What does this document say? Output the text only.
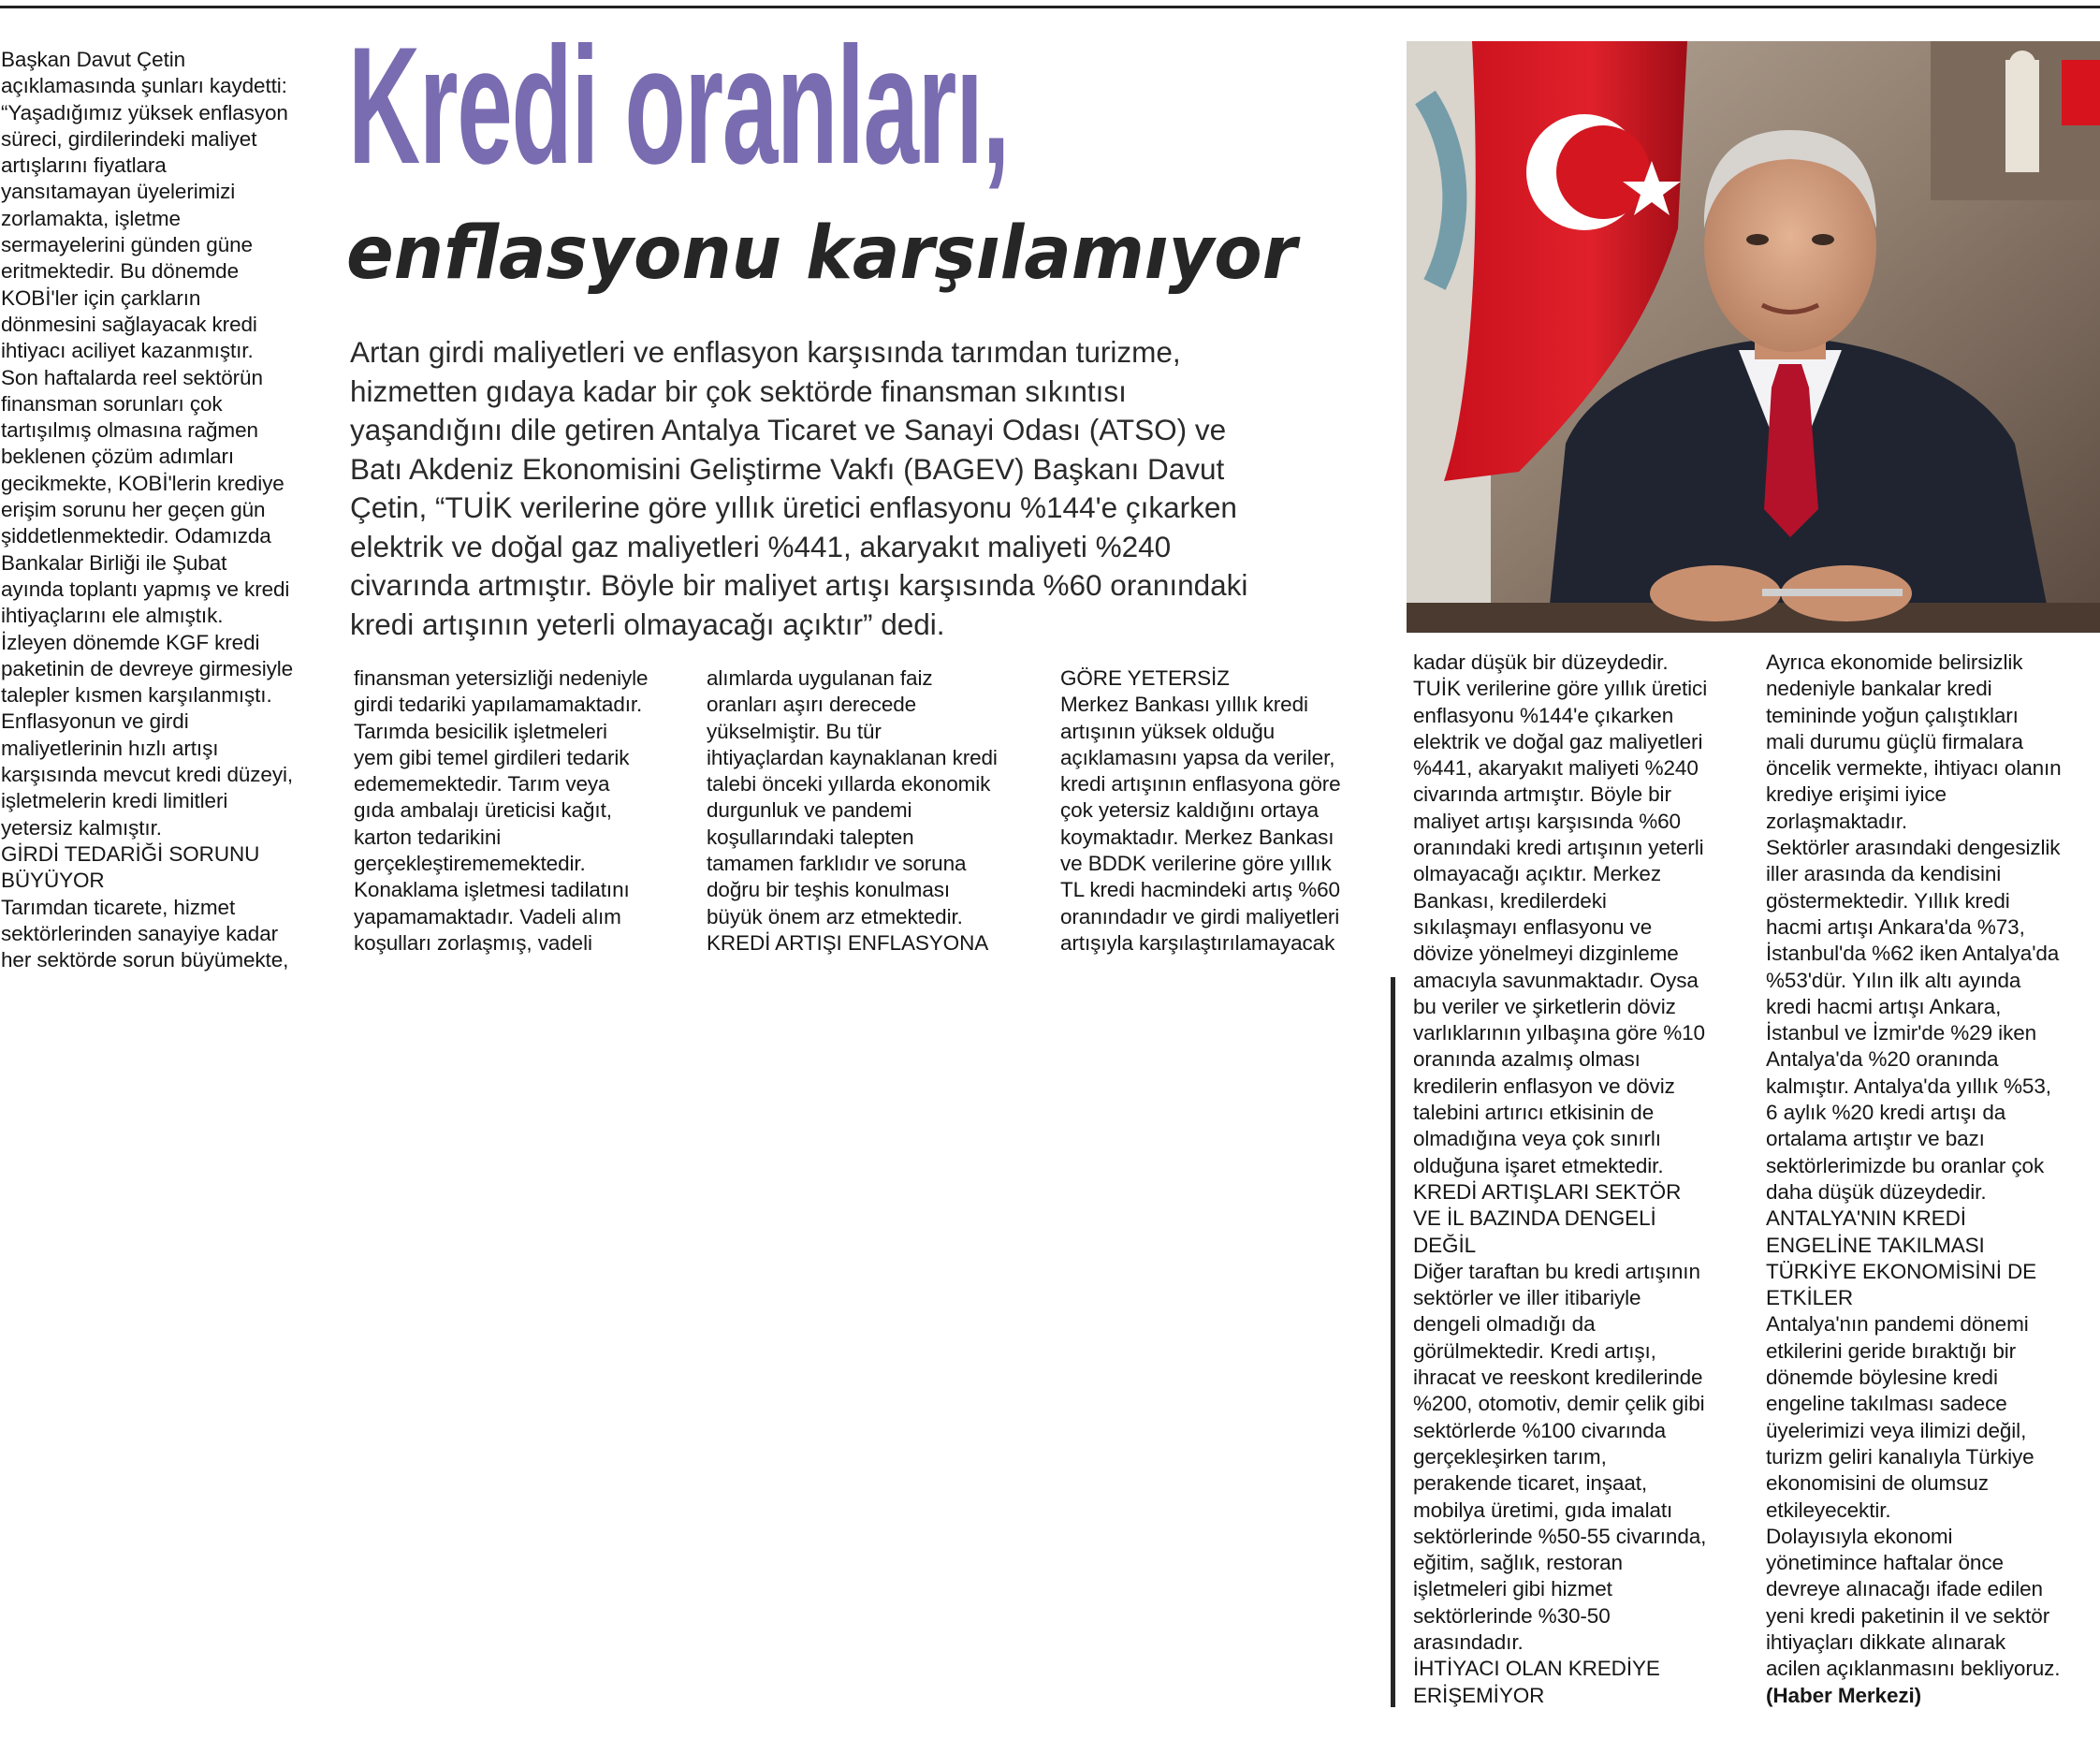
Başkan Davut Çetin
açıklamasında şunları kaydetti:
“Yaşadığımız yüksek enflasyon
süreci, girdilerindeki maliyet
artışlarını fiyatlara
yansıtamayan üyelerimizi
zorlamakta, işletme
sermayelerini günden güne
eritmektedir. Bu dönemde
KOBİ'ler için çarkların
dönmesini sağlayacak kredi
ihtiyacı aciliyet kazanmıştır.
Son haftalarda reel sektörün
finansman sorunları çok
tartışılmış olmasına rağmen
beklenen çözüm adımları
gecikmekte, KOBİ'lerin krediye
erişim sorunu her geçen gün
şiddetlenmektedir. Odamızda
Bankalar Birliği ile Şubat
ayında toplantı yapmış ve kredi
ihtiyaçlarını ele almıştık.
İzleyen dönemde KGF kredi
paketinin de devreye girmesiyle
talepler kısmen karşılanmıştı.
Enflasyonun ve girdi
maliyetlerinin hızlı artışı
karşısında mevcut kredi düzeyi,
işletmelerin kredi limitleri
yetersiz kalmıştır.
GİRDİ TEDARİĞİ SORUNU
BÜYÜYOR
Tarımdan ticarete, hizmet
sektörlerinden sanayiye kadar
her sektörde sorun büyümekte,
Kredi oranları,
enflasyonu karşılamıyor
Artan girdi maliyetleri ve enflasyon karşısında tarımdan turizme,
hizmetten gıdaya kadar bir çok sektörde finansman sıkıntısı
yaşandığını dile getiren Antalya Ticaret ve Sanayi Odası (ATSO) ve
Batı Akdeniz Ekonomisini Geliştirme Vakfı (BAGEV) Başkanı Davut
Çetin, “TUİK verilerine göre yıllık üretici enflasyonu %144'e çıkarken
elektrik ve doğal gaz maliyetleri %441, akaryakıt maliyeti %240
civarında artmıştır. Böyle bir maliyet artışı karşısında %60 oranındaki
kredi artışının yeterli olmayacağı açıktır” dedi.
finansman yetersizliği nedeniyle
girdi tedariki yapılamamaktadır.
Tarımda besicilik işletmeleri
yem gibi temel girdileri tedarik
edememektedir. Tarım veya
gıda ambalajı üreticisi kağıt,
karton tedarikini
gerçekleştirememektedir.
Konaklama işletmesi tadilatını
yapamamaktadır. Vadeli alım
koşulları zorlaşmış, vadeli
alımlarda uygulanan faiz
oranları aşırı derecede
yükselmiştir. Bu tür
ihtiyaçlardan kaynaklanan kredi
talebi önceki yıllarda ekonomik
durgunluk ve pandemi
koşullarındaki talepten
tamamen farklıdır ve soruna
doğru bir teşhis konulması
büyük önem arz etmektedir.
KREDİ ARTIŞI ENFLASYONA
GÖRE YETERSİZ
Merkez Bankası yıllık kredi
artışının yüksek olduğu
açıklamasını yapsa da veriler,
kredi artışının enflasyona göre
çok yetersiz kaldığını ortaya
koymaktadır. Merkez Bankası
ve BDDK verilerine göre yıllık
TL kredi hacmindeki artış %60
oranındadır ve girdi maliyetleri
artışıyla karşılaştırılamayacak
kadar düşük bir düzeydedir.
TUİK verilerine göre yıllık üretici
enflasyonu %144'e çıkarken
elektrik ve doğal gaz maliyetleri
%441, akaryakıt maliyeti %240
civarında artmıştır. Böyle bir
maliyet artışı karşısında %60
oranındaki kredi artışının yeterli
olmayacağı açıktır. Merkez
Bankası, kredilerdeki
sıkılaşmayı enflasyonu ve
dövize yönelmeyi dizginleme
amacıyla savunmaktadır. Oysa
bu veriler ve şirketlerin döviz
varlıklarının yılbaşına göre %10
oranında azalmış olması
kredilerin enflasyon ve döviz
talebini artırıcı etkisinin de
olmadığına veya çok sınırlı
olduğuna işaret etmektedir.
KREDİ ARTIŞLARI SEKTÖR
VE İL BAZINDA DENGELİ
DEĞİL
Diğer taraftan bu kredi artışının
sektörler ve iller itibariyle
dengeli olmadığı da
görülmektedir. Kredi artışı,
ihracat ve reeskont kredilerinde
%200, otomotiv, demir çelik gibi
sektörlerde %100 civarında
gerçekleşirken tarım,
perakende ticaret, inşaat,
mobilya üretimi, gıda imalatı
sektörlerinde %50-55 civarında,
eğitim, sağlık, restoran
işletmeleri gibi hizmet
sektörlerinde %30-50
arasındadır.
İHTİYACI OLAN KREDİYE
ERİŞEMİYOR
Ayrıca ekonomide belirsizlik
nedeniyle bankalar kredi
temininde yoğun çalıştıkları
mali durumu güçlü firmalara
öncelik vermekte, ihtiyacı olanın
krediye erişimi iyice
zorlaşmaktadır.
Sektörler arasındaki dengesizlik
iller arasında da kendisini
göstermektedir. Yıllık kredi
hacmi artışı Ankara'da %73,
İstanbul'da %62 iken Antalya'da
%53'dür. Yılın ilk altı ayında
kredi hacmi artışı Ankara,
İstanbul ve İzmir'de %29 iken
Antalya'da %20 oranında
kalmıştır. Antalya'da yıllık %53,
6 aylık %20 kredi artışı da
ortalama artıştır ve bazı
sektörlerimizde bu oranlar çok
daha düşük düzeydedir.
ANTALYA'NIN KREDİ
ENGELİNE TAKILMASI
TÜRKİYE EKONOMİSİNİ DE
ETKİLER
Antalya'nın pandemi dönemi
etkilerini geride bıraktığı bir
dönemde böylesine kredi
engeline takılması sadece
üyelerimizi veya ilimizi değil,
turizm geliri kanalıyla Türkiye
ekonomisini de olumsuz
etkileyecektir.
Dolayısıyla ekonomi
yönetimince haftalar önce
devreye alınacağı ifade edilen
yeni kredi paketinin il ve sektör
ihtiyaçları dikkate alınarak
acilen açıklanmasını bekliyoruz.
(Haber Merkezi)
